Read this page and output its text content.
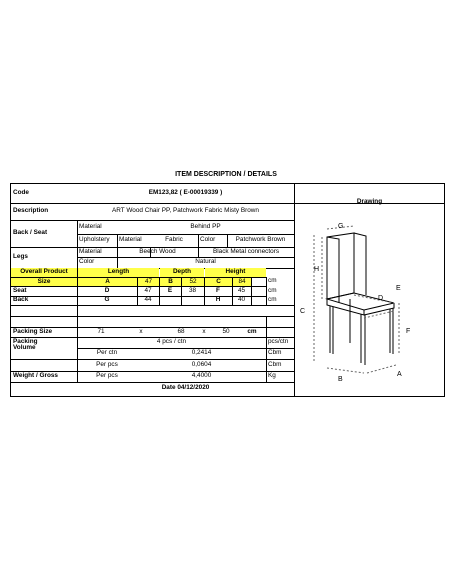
ITEM DESCRIPTION / DETAILS
Code	EM123,82 ( E-00019339 )
Description	ART Wood Chair PP, Patchwork Fabric Misty Brown
Drawing
Back / Seat
Material	Behind PP
Upholstery	Material	Fabric	Color	Patchwork Brown
Legs
Material	Beech Wood	Black Metal connectors
Color	Natural
Overall Product	Length	Depth	Height
Size	A	47	B	52	C	84	cm
Seat	D	47	E	38	F	45	cm
Back	G	44	H	40	cm
Packing Size	71	x	68	x	50	cm
Packing	4 pcs / ctn	pcs/ctn
Volume
Per ctn	0,2414	Cbm
Per pcs	0,0604	Cbm
Weight / Gross	Per pcs	4,4000	Kg
Date 04/12/2020
G
H
C
E
D
F
B
A
